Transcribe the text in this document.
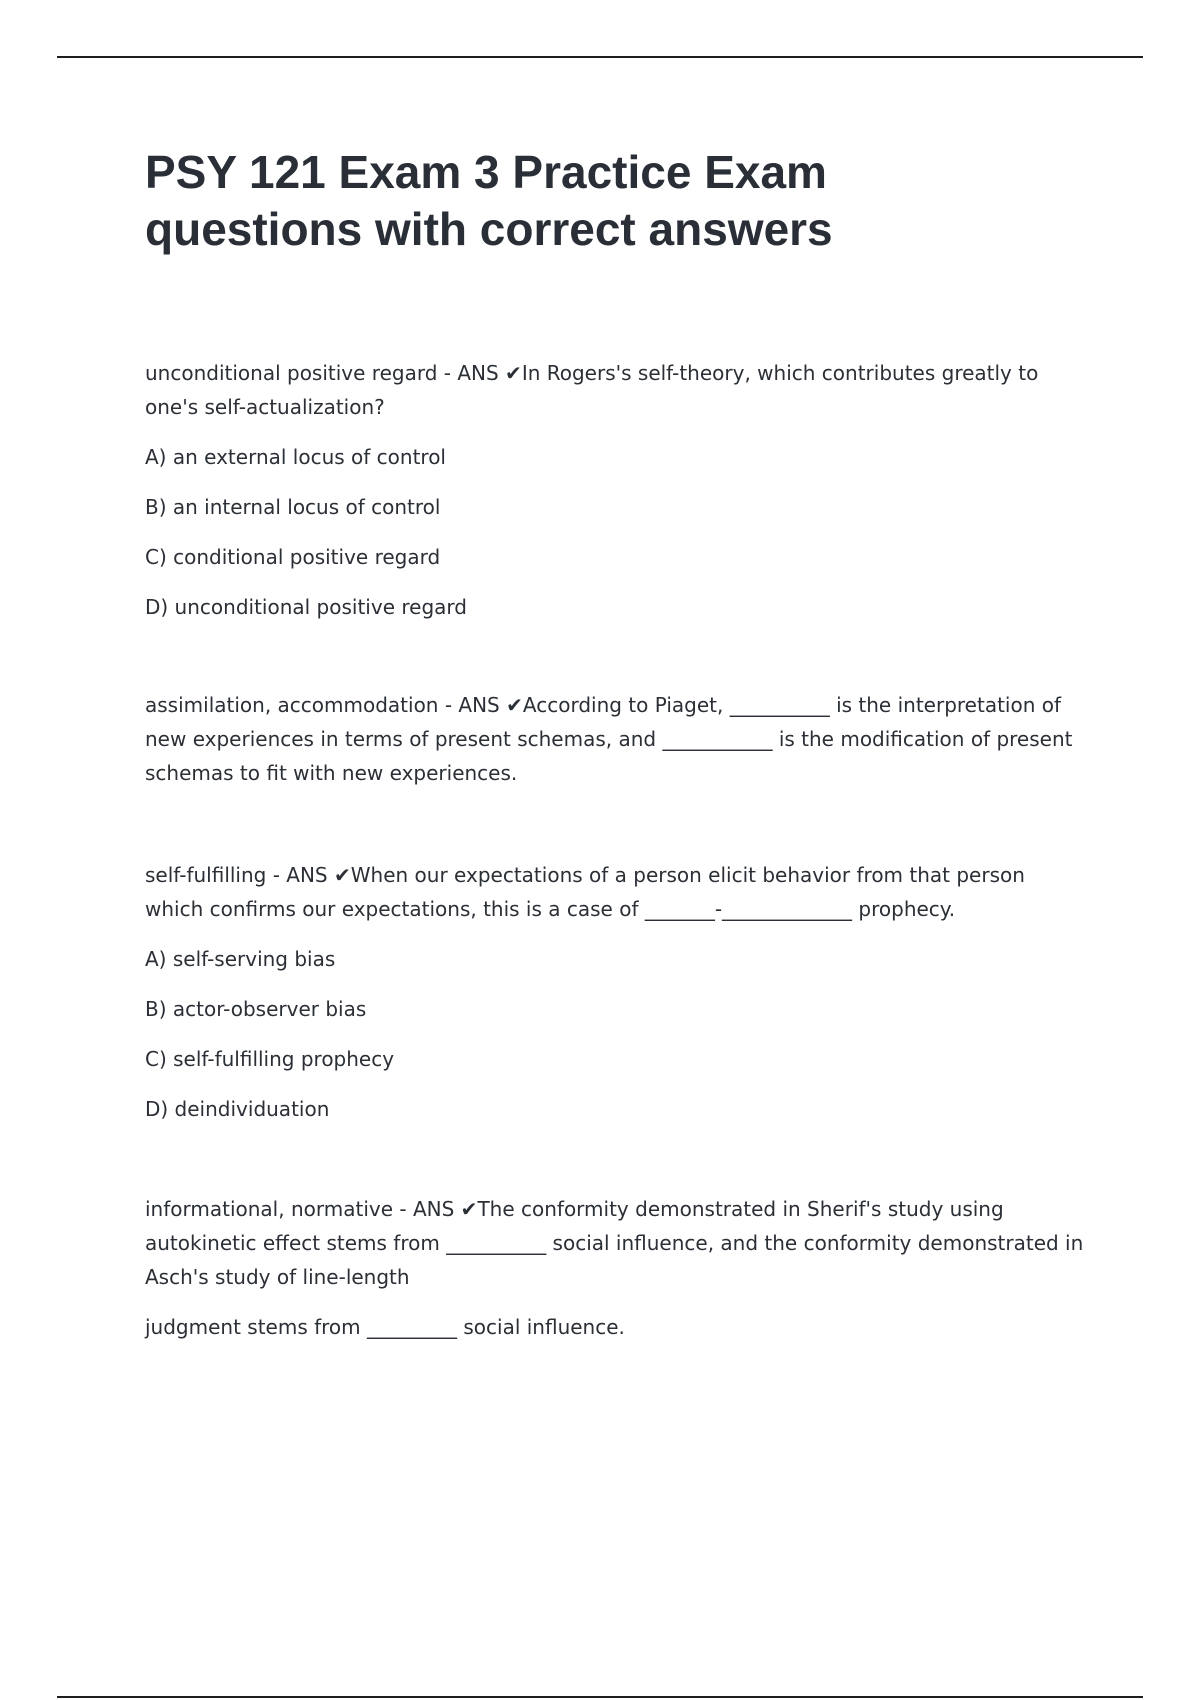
PSY 121 Exam 3 Practice Exam
questions with correct answers

unconditional positive regard - ANS ✔In Rogers's self-theory, which contributes greatly to one's self-actualization?

A) an external locus of control

B) an internal locus of control

C) conditional positive regard

D) unconditional positive regard

assimilation, accommodation - ANS ✔According to Piaget, __________ is the interpretation of new experiences in terms of present schemas, and ___________ is the modification of present schemas to fit with new experiences.

self-fulfilling - ANS ✔When our expectations of a person elicit behavior from that person which confirms our expectations, this is a case of _______-_____________ prophecy.

A) self-serving bias

B) actor-observer bias

C) self-fulfilling prophecy

D) deindividuation

informational, normative - ANS ✔The conformity demonstrated in Sherif's study using autokinetic effect stems from __________ social influence, and the conformity demonstrated in Asch's study of line-length

judgment stems from _________ social influence.
